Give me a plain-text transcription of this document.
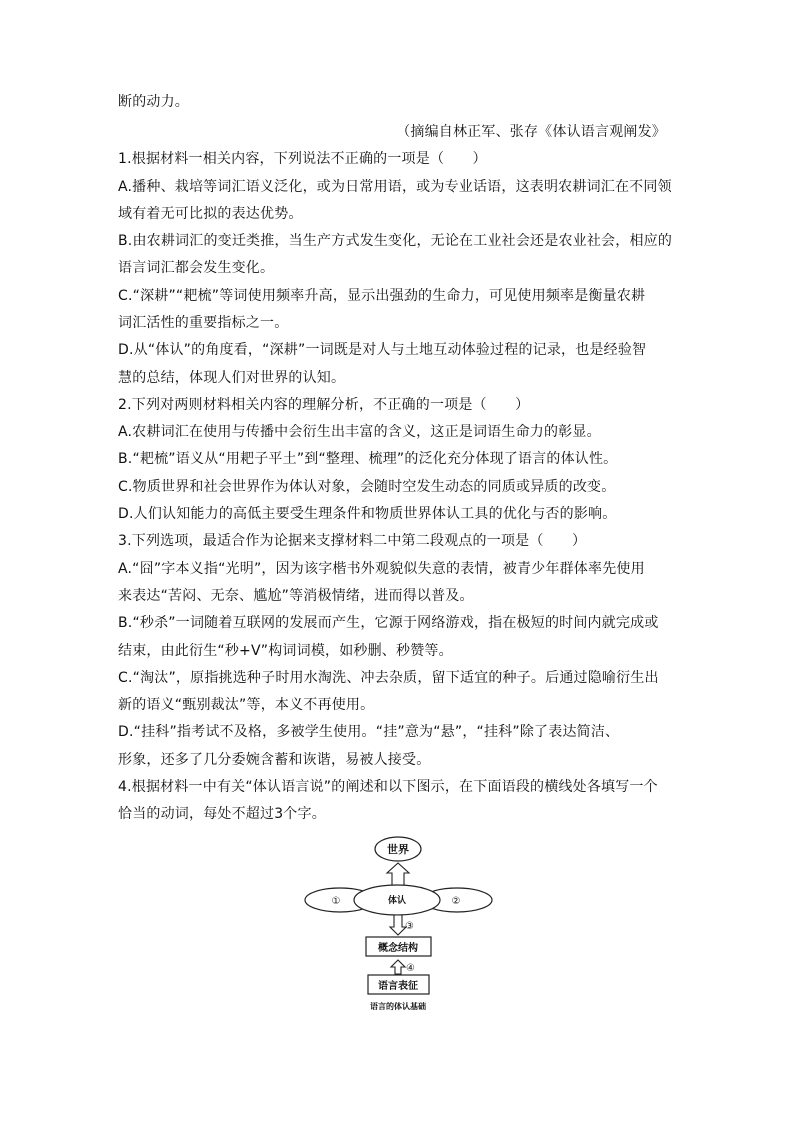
断的动力。
（摘编自林正军、张存《体认语言观阐发》
1.根据材料一相关内容，下列说法不正确的一项是（　　）
A.播种、栽培等词汇语义泛化，或为日常用语，或为专业话语，这表明农耕词汇在不同领
域有着无可比拟的表达优势。
B.由农耕词汇的变迁类推，当生产方式发生变化，无论在工业社会还是农业社会，相应的
语言词汇都会发生变化。
C.“深耕”“耙梳”等词使用频率升高，显示出强劲的生命力，可见使用频率是衡量农耕
词汇活性的重要指标之一。
D.从“体认”的角度看，“深耕”一词既是对人与土地互动体验过程的记录，也是经验智
慧的总结，体现人们对世界的认知。
2.下列对两则材料相关内容的理解分析，不正确的一项是（　　）
A.农耕词汇在使用与传播中会衍生出丰富的含义，这正是词语生命力的彰显。
B.“耙梳”语义从“用耙子平土”到“整理、梳理”的泛化充分体现了语言的体认性。
C.物质世界和社会世界作为体认对象，会随时空发生动态的同质或异质的改变。
D.人们认知能力的高低主要受生理条件和物质世界体认工具的优化与否的影响。
3.下列选项，最适合作为论据来支撑材料二中第二段观点的一项是（　　）
A.“囧”字本义指“光明”，因为该字楷书外观貌似失意的表情，被青少年群体率先使用
来表达“苦闷、无奈、尴尬”等消极情绪，进而得以普及。
B.“秒杀”一词随着互联网的发展而产生，它源于网络游戏，指在极短的时间内就完成或
结束，由此衍生“秒+V”构词词模，如秒删、秒赞等。
C.“淘汰”，原指挑选种子时用水淘洗、冲去杂质，留下适宜的种子。后通过隐喻衍生出
新的语义“甄别裁汰”等，本义不再使用。
D.“挂科”指考试不及格，多被学生使用。“挂”意为“悬”，“挂科”除了表达简洁、
形象，还多了几分委婉含蓄和诙谐，易被人接受。
4.根据材料一中有关“体认语言说”的阐述和以下图示，在下面语段的横线处各填写一个
恰当的动词，每处不超过3个字。
世界
①	②
体认
③
概念结构
④
语言表征
语言的体认基础
